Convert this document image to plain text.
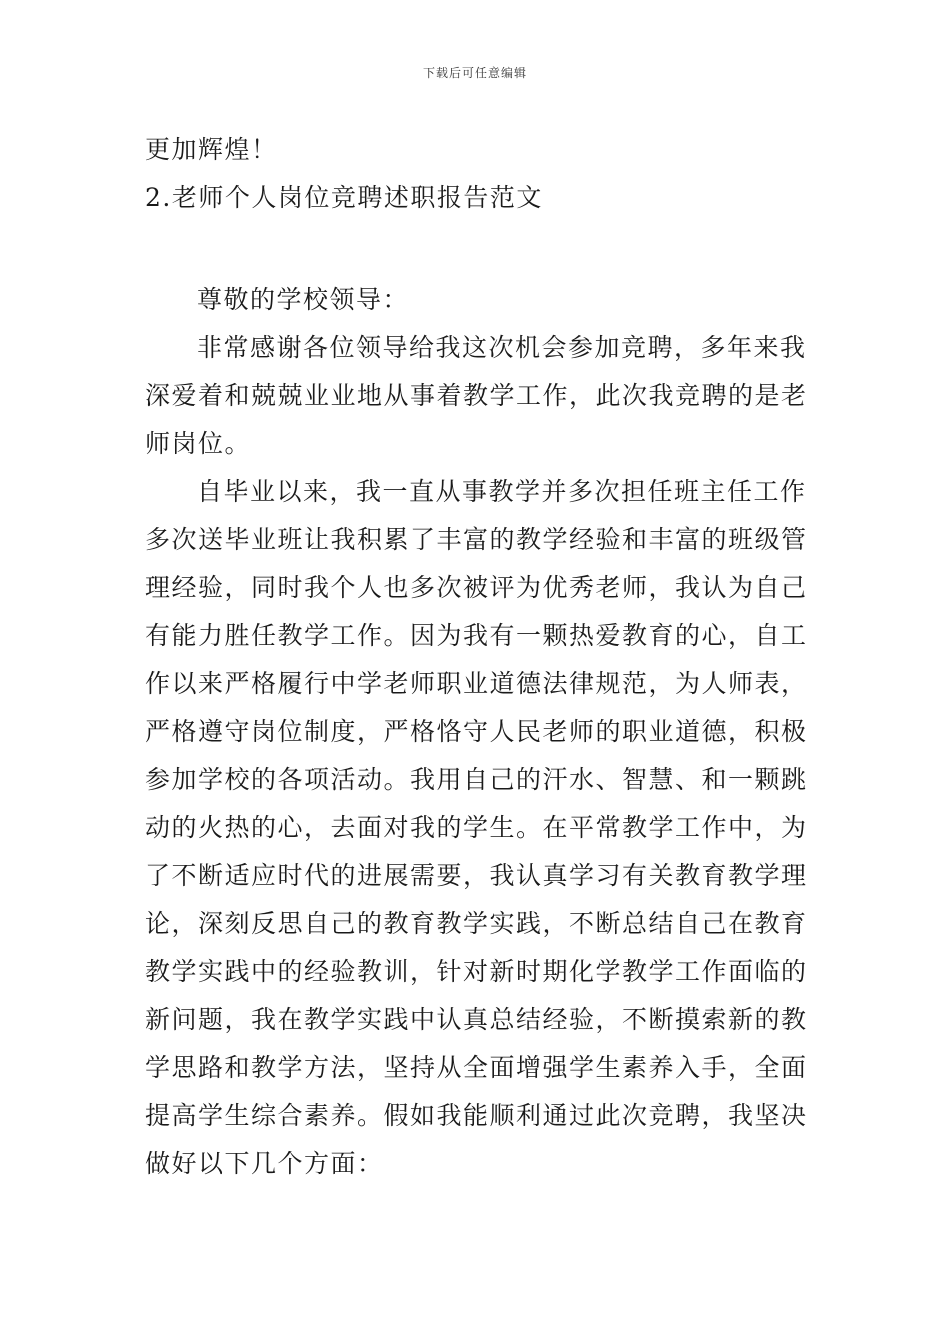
下载后可任意编辑
更加辉煌！
2.老师个人岗位竞聘述职报告范文
尊敬的学校领导：
非常感谢各位领导给我这次机会参加竞聘，多年来我
深爱着和兢兢业业地从事着教学工作，此次我竞聘的是老
师岗位。
自毕业以来，我一直从事教学并多次担任班主任工作
多次送毕业班让我积累了丰富的教学经验和丰富的班级管
理经验，同时我个人也多次被评为优秀老师，我认为自己
有能力胜任教学工作。因为我有一颗热爱教育的心，自工
作以来严格履行中学老师职业道德法律规范，为人师表，
严格遵守岗位制度，严格恪守人民老师的职业道德，积极
参加学校的各项活动。我用自己的汗水、智慧、和一颗跳
动的火热的心，去面对我的学生。在平常教学工作中，为
了不断适应时代的进展需要，我认真学习有关教育教学理
论，深刻反思自己的教育教学实践，不断总结自己在教育
教学实践中的经验教训，针对新时期化学教学工作面临的
新问题，我在教学实践中认真总结经验，不断摸索新的教
学思路和教学方法，坚持从全面增强学生素养入手，全面
提高学生综合素养。假如我能顺利通过此次竞聘，我坚决
做好以下几个方面：
